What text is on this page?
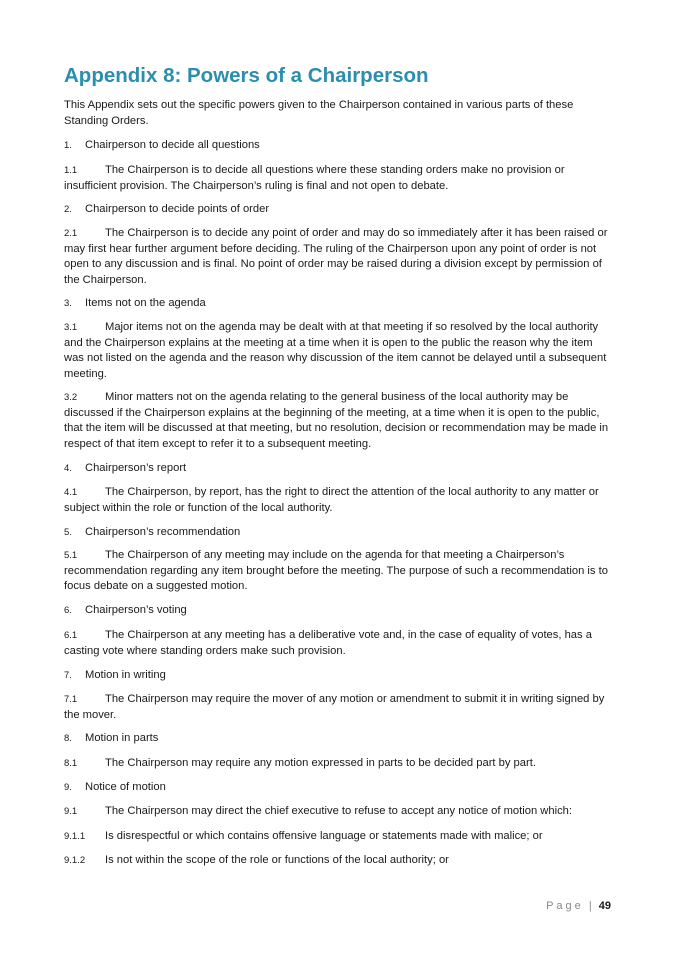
Appendix 8: Powers of a Chairperson
This Appendix sets out the specific powers given to the Chairperson contained in various parts of these Standing Orders.
1. Chairperson to decide all questions
1.1 The Chairperson is to decide all questions where these standing orders make no provision or insufficient provision. The Chairperson’s ruling is final and not open to debate.
2. Chairperson to decide points of order
2.1 The Chairperson is to decide any point of order and may do so immediately after it has been raised or may first hear further argument before deciding. The ruling of the Chairperson upon any point of order is not open to any discussion and is final. No point of order may be raised during a division except by permission of the Chairperson.
3. Items not on the agenda
3.1 Major items not on the agenda may be dealt with at that meeting if so resolved by the local authority and the Chairperson explains at the meeting at a time when it is open to the public the reason why the item was not listed on the agenda and the reason why discussion of the item cannot be delayed until a subsequent meeting.
3.2 Minor matters not on the agenda relating to the general business of the local authority may be discussed if the Chairperson explains at the beginning of the meeting, at a time when it is open to the public, that the item will be discussed at that meeting, but no resolution, decision or recommendation may be made in respect of that item except to refer it to a subsequent meeting.
4. Chairperson’s report
4.1 The Chairperson, by report, has the right to direct the attention of the local authority to any matter or subject within the role or function of the local authority.
5. Chairperson’s recommendation
5.1 The Chairperson of any meeting may include on the agenda for that meeting a Chairperson’s recommendation regarding any item brought before the meeting. The purpose of such a recommendation is to focus debate on a suggested motion.
6. Chairperson’s voting
6.1 The Chairperson at any meeting has a deliberative vote and, in the case of equality of votes, has a casting vote where standing orders make such provision.
7. Motion in writing
7.1 The Chairperson may require the mover of any motion or amendment to submit it in writing signed by the mover.
8. Motion in parts
8.1 The Chairperson may require any motion expressed in parts to be decided part by part.
9. Notice of motion
9.1 The Chairperson may direct the chief executive to refuse to accept any notice of motion which:
9.1.1 Is disrespectful or which contains offensive language or statements made with malice; or
9.1.2 Is not within the scope of the role or functions of the local authority; or
Page | 49
